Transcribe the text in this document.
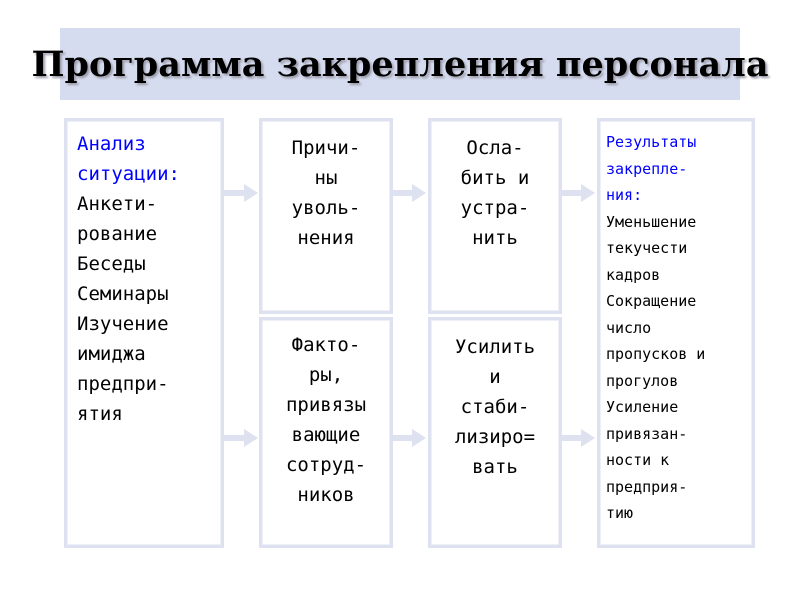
Программа закрепления персонала
Анализ
ситуации:
Анкети-
рование
Беседы
Семинары
Изучение
имиджа
предпри-
ятия
Причи-
ны
уволь-
нения
Факто-
ры,
привязы
вающие
сотруд-
ников
Осла-
бить и
устра-
нить
Усилить
и
стаби-
лизиро=
вать
Результаты
закрепле-
ния:
Уменьшение
текучести
кадров
Сокращение
число
пропусков и
прогулов
Усиление
привязан-
ности к
предприя-
тию
